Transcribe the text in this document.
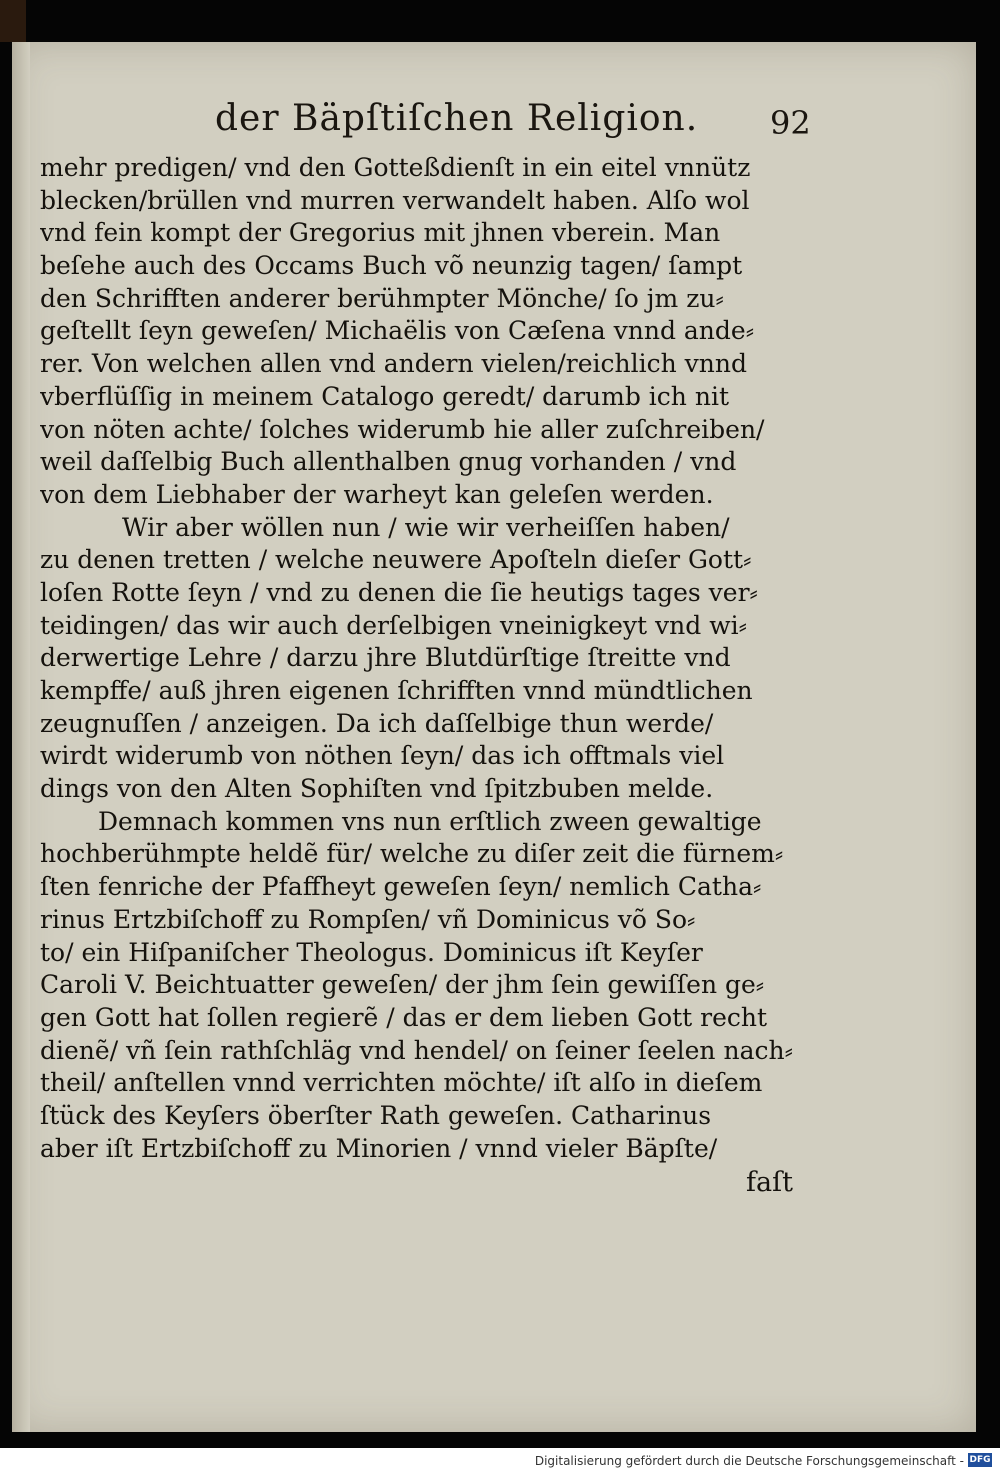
der Bäpſtiſchen Religion.	92
mehr predigen/ vnd den Gotteßdienſt in ein eitel vnnütz
blecken/brüllen vnd murren verwandelt haben. Alſo wol
vnd fein kompt der Gregorius mit jhnen vberein. Man
beſehe auch des Occams Buch võ neunzig tagen/ ſampt
den Schrifften anderer berühmpter Mönche/ ſo jm zu⸗
geſtellt ſeyn geweſen/ Michaëlis von Cæſena vnnd ande⸗
rer. Von welchen allen vnd andern vielen/reichlich vnnd
vberflüſſig in meinem Catalogo geredt/ darumb ich nit
von nöten achte/ ſolches widerumb hie aller zuſchreiben/
weil daſſelbig Buch allenthalben gnug vorhanden / vnd
von dem Liebhaber der warheyt kan geleſen werden.
Wir aber wöllen nun / wie wir verheiſſen haben/
zu denen tretten / welche neuwere Apoſteln dieſer Gott⸗
loſen Rotte ſeyn / vnd zu denen die ſie heutigs tages ver⸗
teidingen/ das wir auch derſelbigen vneinigkeyt vnd wi⸗
derwertige Lehre / darzu jhre Blutdürſtige ſtreitte vnd
kempffe/ auß jhren eigenen ſchrifften vnnd mündtlichen
zeugnuſſen / anzeigen. Da ich daſſelbige thun werde/
wirdt widerumb von nöthen ſeyn/ das ich offtmals viel
dings von den Alten Sophiſten vnd ſpitzbuben melde.
Demnach kommen vns nun erſtlich zween gewaltige
hochberühmpte heldẽ für/ welche zu diſer zeit die fürnem⸗
ſten fenriche der Pfaffheyt geweſen ſeyn/ nemlich Catha⸗
rinus Ertzbiſchoff zu Rompſen/ vñ Dominicus võ So⸗
to/ ein Hiſpaniſcher Theologus. Dominicus iſt Keyſer
Caroli V. Beichtuatter geweſen/ der jhm ſein gewiſſen ge⸗
gen Gott hat ſollen regierẽ / das er dem lieben Gott recht
dienẽ/ vñ ſein rathſchläg vnd hendel/ on ſeiner ſeelen nach⸗
theil/ anſtellen vnnd verrichten möchte/ iſt alſo in dieſem
ſtück des Keyſers öberſter Rath geweſen. Catharinus
aber iſt Ertzbiſchoff zu Minorien / vnnd vieler Bäpſte/
faſt
Digitalisierung gefördert durch die Deutsche Forschungsgemeinschaft - DFG
